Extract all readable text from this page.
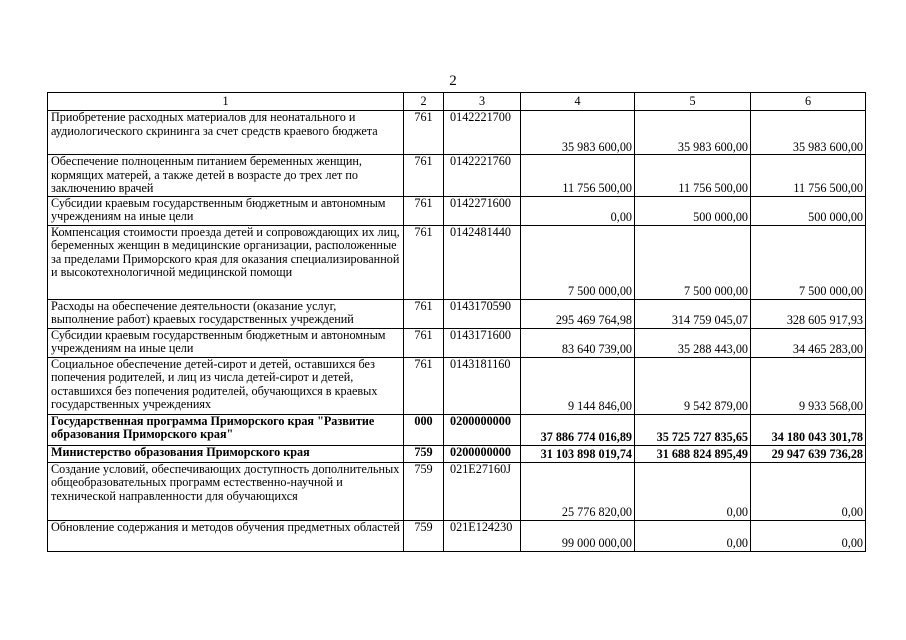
2
1	2	3	4	5	6
Приобретение расходных материалов для неонатального и аудиологического скрининга за счет средств краевого бюджета	761	0142221700	35 983 600,00	35 983 600,00	35 983 600,00
Обеспечение полноценным питанием беременных женщин, кормящих матерей, а также детей в возрасте до трех лет по заключению врачей	761	0142221760	11 756 500,00	11 756 500,00	11 756 500,00
Субсидии краевым государственным бюджетным и автономным учреждениям на иные цели	761	0142271600	0,00	500 000,00	500 000,00
Компенсация стоимости проезда детей и сопровождающих их лиц, беременных женщин в медицинские организации, расположенные за пределами Приморского края для оказания специализированной и высокотехнологичной медицинской помощи	761	0142481440	7 500 000,00	7 500 000,00	7 500 000,00
Расходы на обеспечение деятельности (оказание услуг, выполнение работ) краевых государственных учреждений	761	0143170590	295 469 764,98	314 759 045,07	328 605 917,93
Субсидии краевым государственным бюджетным и автономным учреждениям на иные цели	761	0143171600	83 640 739,00	35 288 443,00	34 465 283,00
Социальное обеспечение детей-сирот и детей, оставшихся без попечения родителей, и лиц из числа детей-сирот и детей, оставшихся без попечения родителей, обучающихся в краевых государственных учреждениях	761	0143181160	9 144 846,00	9 542 879,00	9 933 568,00
Государственная программа Приморского края "Развитие образования Приморского края"	000	0200000000	37 886 774 016,89	35 725 727 835,65	34 180 043 301,78
Министерство образования Приморского края	759	0200000000	31 103 898 019,74	31 688 824 895,49	29 947 639 736,28
Создание условий, обеспечивающих доступность дополнительных общеобразовательных программ естественно-научной и технической направленности для обучающихся	759	021E27160J	25 776 820,00	0,00	0,00
Обновление содержания и методов обучения предметных областей	759	021E124230	99 000 000,00	0,00	0,00
